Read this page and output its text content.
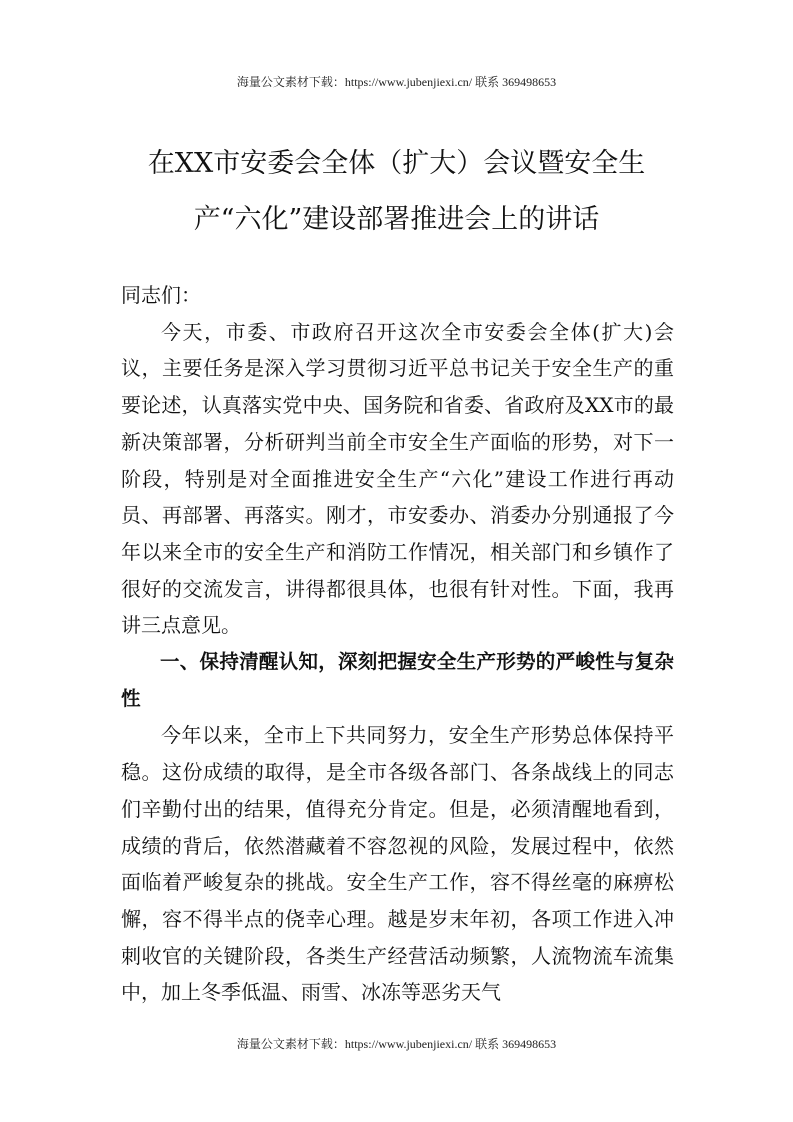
海量公文素材下载：https://www.jubenjiexi.cn/ 联系 369498653
在XX市安委会全体（扩大）会议暨安全生
产“六化”建设部署推进会上的讲话

同志们：

今天，市委、市政府召开这次全市安委会全体(扩大)会议，主要任务是深入学习贯彻习近平总书记关于安全生产的重要论述，认真落实党中央、国务院和省委、省政府及XX市的最新决策部署，分析研判当前全市安全生产面临的形势，对下一阶段，特别是对全面推进安全生产“六化”建设工作进行再动员、再部署、再落实。刚才，市安委办、消委办分别通报了今年以来全市的安全生产和消防工作情况，相关部门和乡镇作了很好的交流发言，讲得都很具体，也很有针对性。下面，我再讲三点意见。

一、保持清醒认知，深刻把握安全生产形势的严峻性与复杂性

今年以来，全市上下共同努力，安全生产形势总体保持平稳。这份成绩的取得，是全市各级各部门、各条战线上的同志们辛勤付出的结果，值得充分肯定。但是，必须清醒地看到，成绩的背后，依然潜藏着不容忽视的风险，发展过程中，依然面临着严峻复杂的挑战。安全生产工作，容不得丝毫的麻痹松懈，容不得半点的侥幸心理。越是岁末年初，各项工作进入冲刺收官的关键阶段，各类生产经营活动频繁，人流物流车流集中，加上冬季低温、雨雪、冰冻等恶劣天气

海量公文素材下载：https://www.jubenjiexi.cn/ 联系 369498653
